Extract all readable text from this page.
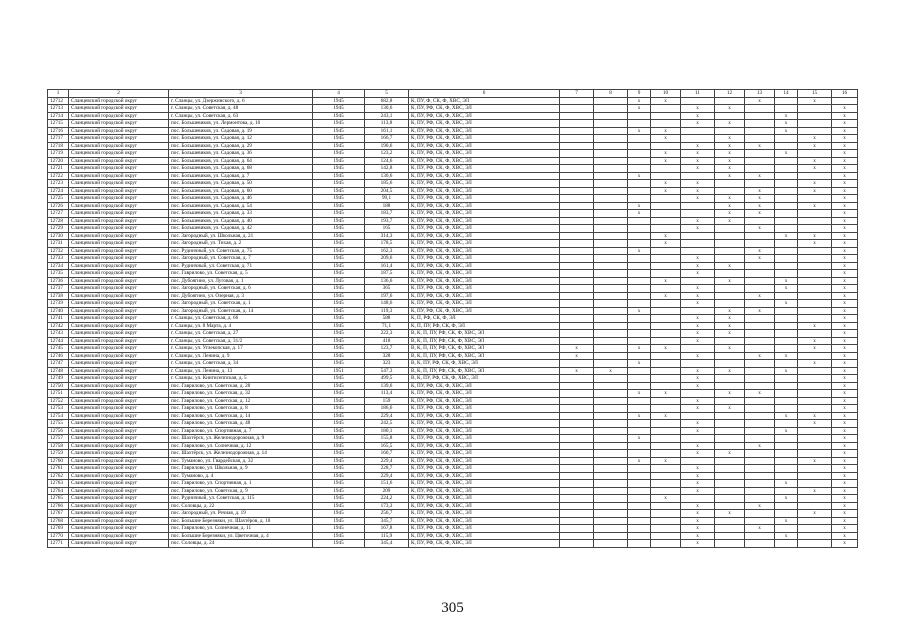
1	2	3	4	5	6	7	8	9	10	11	12	13	14	15	16
12712	Сланцевский городской округ	г. Сланцы, ул. Дзержинского, д. 6	1945	682,8	К, ПУ, Ф, СК, Ф, ХВС, ЭЛ			х	х			х		х	
12713	Сланцевский городской округ	г. Сланцы, ул. Советская, д. 48	1945	130,6	К, ПУ, РФ, СК, Ф, ХВС, ЭЛ			х		х	х				х
12714	Сланцевский городской округ	г. Сланцы, ул. Советская, д. 63	1945	243,1	К, ПУ, РФ, СК, Ф, ХВС, ЭЛ					х			х		х
12715	Сланцевский городской округ	пос. Большевиков, ул. Лермонтова, д. 10	1945	113,8	К, ПУ, РФ, СК, Ф, ХВС, ЭЛ					х	х		х		х
12716	Сланцевский городской округ	пос. Большевиков, ул. Садовая, д. 19	1945	161,1	К, ПУ, РФ, СК, Ф, ХВС, ЭЛ			х	х				х		х
12717	Сланцевский городской округ	пос. Большевиков, ул. Садовая, д. 12	1945	166,7	К, ПУ, РФ, СК, Ф, ХВС, ЭЛ				х		х			х	х
12718	Сланцевский городской округ	пос. Большевиков, ул. Садовая, д. 29	1945	190,6	К, ПУ, РФ, СК, Ф, ХВС, ЭЛ					х	х	х		х	х
12719	Сланцевский городской округ	пос. Большевиков, ул. Садовая, д. 36	1945	123,2	К, ПУ, РФ, СК, Ф, ХВС, ЭЛ				х	х	х		х		х
12720	Сланцевский городской округ	пос. Большевиков, ул. Садовая, д. 64	1945	124,6	К, ПУ, РФ, СК, Ф, ХВС, ЭЛ				х	х	х			х	х
12721	Сланцевский городской округ	пос. Большевиков, ул. Садовая, д. 68	1945	142,8	К, ПУ, РФ, СК, Ф, ХВС, ЭЛ					х	х			х	х
12722	Сланцевский городской округ	пос. Большевиков, ул. Садовая, д. 7	1945	130,6	К, ПУ, РФ, СК, Ф, ХВС, ЭЛ			х			х	х			х
12723	Сланцевский городской округ	пос. Большевиков, ул. Садовая, д. 50	1945	185,6	К, ПУ, РФ, СК, Ф, ХВС, ЭЛ				х	х				х	х
12724	Сланцевский городской округ	пос. Большевиков, ул. Садовая, д. 60	1945	204,5	К, ПУ, РФ, СК, Ф, ХВС, ЭЛ				х	х		х		х	х
12725	Сланцевский городской округ	пос. Большевиков, ул. Садовая, д. 46	1945	99,1	К, ПУ, РФ, СК, Ф, ХВС, ЭЛ					х	х	х			х
12726	Сланцевский городской округ	пос. Большевиков, ул. Садовая, д. 54	1945	188	К, ПУ, РФ, СК, Ф, ХВС, ЭЛ			х			х	х		х	х
12727	Сланцевский городской округ	пос. Большевиков, ул. Садовая, д. 33	1945	183,7	К, ПУ, РФ, СК, Ф, ХВС, ЭЛ			х			х	х			х
12728	Сланцевский городской округ	пос. Большевиков, ул. Садовая, д. 40	1945	193,7	К, ПУ, РФ, СК, Ф, ХВС, ЭЛ					х	х				х
12729	Сланцевский городской округ	пос. Большевиков, ул. Садовая, д. 42	1945	165	К, ПУ, РФ, СК, Ф, ХВС, ЭЛ					х		х			х
12730	Сланцевский городской округ	пос. Загородный, ул. Школьная, д. 21	1945	314,3	К, ПУ, РФ, СК, Ф, ХВС, ЭЛ				х				х	х	х
12731	Сланцевский городской округ	пос. Загородный, ул. Тихая, д. 2	1945	178,5	К, ПУ, РФ, СК, Ф, ХВС, ЭЛ				х					х	х
12732	Сланцевский городской округ	пос. Рудничный, ул. Советская, д. 75	1945	162,3	К, ПУ, РФ, СК, Ф, ХВС, ЭЛ			х				х			х
12733	Сланцевский городской округ	пос. Загородный, ул. Советская, д. 7	1945	209,6	К, ПУ, РФ, СК, Ф, ХВС, ЭЛ					х		х			х
12734	Сланцевский городской округ	пос. Рудничный, ул. Советская, д. 71	1945	161,4	К, ПУ, РФ, СК, Ф, ХВС, ЭЛ					х	х				х
12735	Сланцевский городской округ	пос. Гаврилово, ул. Советская, д. 5	1945	187,5	К, ПУ, РФ, СК, Ф, ХВС, ЭЛ					х					х
12736	Сланцевский городской округ	пос. Дубоягино, ул. Луговая, д. 1	1945	136,6	К, ПУ, РФ, СК, Ф, ХВС, ЭЛ				х		х		х		х
12737	Сланцевский городской округ	пос. Загородный, ул. Советская, д. 6	1945	365	К, ПУ, РФ, СК, Ф, ХВС, ЭЛ					х			х		х
12738	Сланцевский городской округ	пос. Дубоягино, ул. Озерная, д. 3	1945	197,6	К, ПУ, РФ, СК, Ф, ХВС, ЭЛ				х	х		х			х
12739	Сланцевский городской округ	пос. Загородный, ул. Советская, д. 1	1945	148,6	К, ПУ, РФ, СК, Ф, ХВС, ЭЛ					х			х		х
12740	Сланцевский городской округ	пос. Загородный, ул. Советская, д. 14	1945	119,3	К, ПУ, РФ, СК, Ф, ХВС, ЭЛ			х			х	х			х
12741	Сланцевский городской округ	г. Сланцы, ул. Советская, д. 66	1945	588	К, П, РФ, СК, Ф, ЭЛ					х	х				х
12742	Сланцевский городской округ	г. Сланцы, ул. 8 Марта, д. 4	1945	71,1	К, П, ПУ, РФ, СК, Ф, ЭЛ					х	х			х	х
12743	Сланцевский городской округ	г. Сланцы, ул. Советская, д. 27	1945	222,3	В, К, П, ПУ, РФ, СК, Ф, ХВС, ЭЛ					х	х				х
12744	Сланцевский городской округ	г. Сланцы, ул. Советская, д. 31/2	1945	418	В, К, П, ПУ, РФ, СК, Ф, ХВС, ЭЛ					х				х	х
12745	Сланцевский городской округ	г. Сланцы, ул. Углекопская, д. 17	1945	123,7	В, К, П, ПУ, РФ, СК, Ф, ХВС, ЭЛ	х		х	х		х			х	х
12746	Сланцевский городской округ	г. Сланцы, ул. Ленина, д. 9	1945	328	В, К, П, ПУ, РФ, СК, Ф, ХВС, ЭЛ	х				х		х	х		х
12747	Сланцевский городской округ	г. Сланцы, ул. Советская, д. 34	1945	323	В, К, ПУ, РФ, СК, Ф, ХВС, ЭЛ			х						х	х
12748	Сланцевский городской округ	г. Сланцы, ул. Ленина, д. 13	1951	547,3	В, К, П, ПУ, РФ, СК, Ф, ХВС, ЭЛ	х	х			х	х		х		х
12749	Сланцевский городской округ	г. Сланцы, ул. Кингисеппская, д. 5	1945	499,5	В, К, ПУ, РФ, СК, Ф, ХВС, ЭЛ					х					х
12750	Сланцевский городской округ	пос. Гаврилово, ул. Советская, д. 28	1945	139,6	К, ПУ, РФ, СК, Ф, ХВС, ЭЛ					х					х
12751	Сланцевский городской округ	пос. Гаврилово, ул. Советская, д. 32	1945	113,4	К, ПУ, РФ, СК, Ф, ХВС, ЭЛ			х	х		х	х			х
12752	Сланцевский городской округ	пос. Гаврилово, ул. Советская, д. 12	1945	159	К, ПУ, РФ, СК, Ф, ХВС, ЭЛ					х					х
12753	Сланцевский городской округ	пос. Гаврилово, ул. Советская, д. 8	1945	186,6	К, ПУ, РФ, СК, Ф, ХВС, ЭЛ					х	х				х
12754	Сланцевский городской округ	пос. Гаврилово, ул. Советская, д. 14	1945	229,4	К, ПУ, РФ, СК, Ф, ХВС, ЭЛ			х	х				х	х	х
12755	Сланцевский городской округ	пос. Гаврилово, ул. Советская, д. 48	1945	242,5	К, ПУ, РФ, СК, Ф, ХВС, ЭЛ					х				х	х
12756	Сланцевский городской округ	пос. Гаврилово, ул. Спортивная, д. 7	1945	180,1	К, ПУ, РФ, СК, Ф, ХВС, ЭЛ					х			х		х
12757	Сланцевский городской округ	пос. Шахтёрск, ул. Железнодорожная, д. 9	1945	155,8	К, ПУ, РФ, СК, Ф, ХВС, ЭЛ			х							х
12758	Сланцевский городской округ	пос. Гаврилово, ул. Солнечная, д. 12	1945	165,5	К, ПУ, РФ, СК, Ф, ХВС, ЭЛ					х		х			х
12759	Сланцевский городской округ	пос. Шахтёрск, ул. Железнодорожная, д. 14	1945	160,7	К, ПУ, РФ, СК, Ф, ХВС, ЭЛ					х	х				х
12760	Сланцевский городской округ	пос. Туманово, ул. Гвардейская, д. 32	1945	229,4	К, ПУ, РФ, СК, Ф, ХВС, ЭЛ			х	х					х	х
12761	Сланцевский городской округ	пос. Гаврилово, ул. Школьная, д. 9	1945	228,7	К, ПУ, РФ, СК, Ф, ХВС, ЭЛ					х					х
12762	Сланцевский городской округ	пос. Туманово, д. 4	1945	229,4	К, ПУ, РФ, СК, Ф, ХВС, ЭЛ					х					х
12763	Сланцевский городской округ	пос. Гаврилово, ул. Спортивная, д. 1	1945	151,6	К, ПУ, РФ, СК, Ф, ХВС, ЭЛ					х			х		х
12764	Сланцевский городской округ	пос. Гаврилово, ул. Советская, д. 9	1945	209	К, ПУ, РФ, СК, Ф, ХВС, ЭЛ					х				х	х
12765	Сланцевский городской округ	пос. Рудничный, ул. Советская, д. 115	1945	224,2	К, ПУ, РФ, СК, Ф, ХВС, ЭЛ				х				х		х
12766	Сланцевский городской округ	пос. Соловцы, д. 22	1945	173,3	К, ПУ, РФ, СК, Ф, ХВС, ЭЛ					х		х			х
12767	Сланцевский городской округ	пос. Загородный, ул. Речная, д. 19	1945	256,7	К, ПУ, РФ, СК, Ф, ХВС, ЭЛ					х	х			х	х
12768	Сланцевский городской округ	пос. Большие Березняки, ул. Шахтёров, д. 18	1945	345,7	К, ПУ, РФ, СК, Ф, ХВС, ЭЛ					х			х		х
12769	Сланцевский городской округ	пос. Гаврилово, ул. Солнечная, д. 11	1945	167,8	К, ПУ, РФ, СК, Ф, ХВС, ЭЛ					х		х			х
12770	Сланцевский городской округ	пос. Большие Березняки, ул. Цветочная, д. 4	1945	115,9	К, ПУ, РФ, СК, Ф, ХВС, ЭЛ					х			х		х
12771	Сланцевский городской округ	пос. Соловцы, д. 24	1945	345,4	К, ПУ, РФ, СК, Ф, ХВС, ЭЛ					х					х
305
